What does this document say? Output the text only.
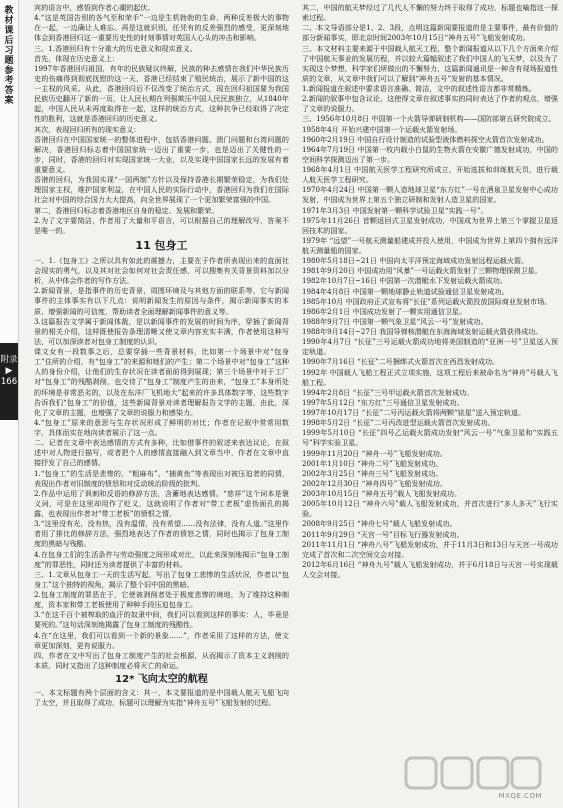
教材课后习题参考答案
附录
▶
166

宾的语言中，感悟到作者心潮的起伏。

4.“这是英国告别的各气至和荣手”一边是生机勃勃的生命，两种反差极大的事物在一起，一边确让人难忘。再是这就识别，任凭有的反差强烈的感受，更深刻地体会到香港回归这一重要历史性的时刻事情对英国人心头的冲击和影响。

三、1.香港回归有十分重大的历史意义和现实意义。

首先，体现在历史意义上：

1997年香港回归祖国，有年的民族疑议终解，民族的种去感情在我们中华民族历史的伤痛得到彻底抚慰的这一天，香港已经结束了殖民统治，展示了新中国的这一主权的风采。从此，香港回归后不仅改变了统治方式，现在回归祖国要为我国民族历史翻开了新的一页，让人民长期在列强欺压中国人民民族独立，从1840年起，中国人民从未再度取得在一起，这样的统治方式，这种抗争已经取得了决定性的胜利，这就是香港回归的历史意义。

其次，表现回归所有的现实意义：

香港回归在中国国家统一的整体进程中，包括香港问题、澳门问题和台湾问题的解决，香港回归标志着中国国家统一迈出了重要一步，也是迈出了关键性的一步，同时，香港的回归对实现国家统一大业，以及实现中国国家长远的发展有着重要意义。

香港的回归，为我国实现“一国两制”方针以及保持香港长期繁荣稳定，为我们处理国家主权，维护国家利益，在中国人民的实际行动中，香港回归为我们在国际社会对中国的综合国力大大提高，向全世界展现了一个更加繁荣富强的中国。

第二，香港回归标志着香港地区自身的稳定、发展和繁荣。

2.为了文字要简洁，作者用了大量和平语言，可以根据自己的理解改写，答案不是唯一的。

11 包身工

一、1.《包身工》之所以具有如此的震撼力，主要在于作者所表现出来的直面社会现实的勇气，以及其对社会如何对社会责任感，可以搜集有关背景资料加以分析，从中体会作者的写作方法。

2.新闻背景，是指事件的历史背景，周围环境及与其他方面的联系等，它与新闻事件的主体事实有以下几点：说明新闻发生的原因与条件，揭示新闻事实的本质、增强新闻的可信度，帮助读者全面理解新闻事件的意义等。

3.这篇报告文学属于新闻体裁，是以新闻事件的发展的时间为序，穿插了新闻背景的相关介绍，这样既使报告条理清晰又使文章内容充实丰满，作者使用这种写法，可以加深读者对包身工制度的认识。

课文女有一段数事之后，总要穿插一些背景材料，比如第一个场景中对“包身工”住所的介绍，有“包身工”的来源和她们的产生；第二个场景中对“包身工”这种人的身份介绍，让他们的生存状况在读者面前得到展现；第三个场景中对于工厂对“包身工”的残酷剥削，也交待了“包身工”制度产生的由来，“包身工”本身所处的环境是非常恶劣的，以及在东洋厂飞机地大”起来的许多具体数字等，这些数字告诉我们“包身工”的价值，这些新闻背景对读者理解报告文学的主题，由此，深化了文章的主题，也增强了文章的说服力和感染力。

4.“包身工”原来的意思与生存状况形成了鲜明的对比；作者在记叙中常常用数字，具体而实在地向读者展示了这一点。

二、记者在文章中表达感情的方式有多种，比如借事件的叙述来表达议论，在叙述中对人物进行描写，或者把个人的感情直接融入到文章当中，作者在文章中直接抒发了自己的感情。

1.“包身工”的生活是悲惨的，“粗麻布”、“捕黄鱼”等表现出对被压迫者的同情，表现出作者对旧制度的愤怒和对反动统治阶级的批判。

2.作品中运用了讽刺和反语的修辞方法，含蓄地表达感情。“慈祥”这个词本是褒义词，可是在这里却用作了贬义，这就说明了作者对“带工老板”虚伪面孔的揭露，也表现出作者对“带工老板”的愤恨之情。

3.“这里没有光，没有热，没有温情，没有希望……没有法律，没有人道。”这里作者用了排比的修辞方法，强烈地表达了作者的愤怒之情，同时也揭示了包身工制度的黑暗与残酷。

4.在包身工们的生活条件与劳动强度之间形成对比，以此来深刻地揭示“包身工制度”的罪恶性，同时还为读者提供了丰富的材料。

三、1.文章从包身工一天的生活写起，写出了包身工悲惨的生活状况，作者以“包身工”这个独特的视角，揭示了整个旧中国的黑暗。

2.包身工制度的罪恶在于，它使被剥削者处于极度悲惨的境地，为了维持这种制度，资本家和带工老板使用了种种手段压迫包身工。

3.“在这千百个被榨取的血汗的奴隶中间，我们可以看到这样的事实：人，毕竟是要死的。”这句话深刻地揭露了包身工制度的残酷性。

4.在“在这里，我们可以看到一个新的景象……”，作者采用了这样的方法，使文章更加深刻，更有说服力。

四、作者在文中写出了包身工制度产生的社会根源，从而揭示了资本主义剥削的本质，同时又指出了这种制度必将灭亡的命运。

12* 飞向太空的航程

一、本文标题有两个层面的含义：其一，本文要报道的是中国载人航天飞船飞向了太空，并且取得了成功，标题可以理解为实指“神舟五号”飞船发射的过程。

其二，中国的航天梦经过了几代人不懈的努力终于取得了成功，标题也喻指这一探索过程。

二、本文导语部分是1、2、3段，点明这篇新闻要报道的是主要事件，最有价值的部分新闻事实，即北京时间2003年10月15日“神舟五号”飞船发射成功。

三、本文材料主要来源于中国载人航天工程，整个新闻报道从以下几个方面来介绍了中国航天事业的发展历程，并以较大篇幅叙述了我们中国人的飞天梦，以及为了实现这个梦想，科学家们所做出的不懈努力，这篇新闻通讯是一种含有现场报道性质的文章，从文章中我们可以了解到“神舟五号”发射的基本情况。

1.新闻报道在叙述中要求语言准确、简洁，文中的叙述性语言都非常精炼。

2.新闻的叙事中包含议论，这使得文章在叙述事实的同时表达了作者的观点，增强了文章的说服力。

三、1956年10月8日 中国第一个火箭导弹研制机构——国防部第五研究院成立。

1958年4月 开始兴建中国第一个运载火箭发射场。

1960年2月19日 中国自行设计制造的试验型液体燃料探空火箭首次发射成功。

1964年7月19日 中国第一枚内载小白鼠的生物火箭在安徽广德发射成功，中国的空间科学探测迈出了第一步。

1968年4月1日 中国航天医学工程研究所成立，开始选拔和训练航天员，进行载人航天医学工程研究。

1970年4月24日 中国第一颗人造地球卫星“东方红”一号在酒泉卫星发射中心成功发射，中国成为世界上第五个独立研制和发射人造卫星的国家。

1971年3月3日 中国发射第一颗科学试验卫星“实践一号”。

1975年11月26日 首颗返回式卫星发射成功，中国成为世界上第三个掌握卫星返回技术的国家。

1979年 “远望”一号航天测量船建成并投入使用，中国成为世界上第四个拥有远洋航天测量船的国家。

1980年5月18日~21日 中国向太平洋预定海域成功发射远程运载火箭。

1981年9月20日 中国成功用“风暴”一号运载火箭发射了三颗物理探测卫星。

1982年10月7日~16日 中国第一次潜艇水下发射运载火箭成功。

1984年4月8日 中国第一颗地球静止轨道试验通信卫星发射成功。

1985年10月 中国政府正式宣布将“长征”系列运载火箭投放国际商业发射市场。

1986年2月1日 中国成功发射了一颗实用通信卫星。

1988年9月7日 中国第一颗气象卫星“风云一号”发射成功。

1988年9月14日~27日 我国导弹核潜艇在东海海域发射运载火箭获得成功。

1990年4月7日 “长征”三号运载火箭成功地将美国制造的“亚洲一号”卫星送入预定轨道。

1990年7月16日 “长征”二号捆绑式火箭首次在西昌发射成功。

1992年 中国载人飞船工程正式立项实施，这项工程后来被命名为“神舟”号载人飞船工程。

1994年2月8日 “长征”三号甲运载火箭首次发射成功。

1997年5月12日 “东方红”三号通信卫星发射成功。

1997年10月17日 “长征”二号丙运载火箭将两颗“铱星”送入预定轨道。

1998年5月2日 “长征”二号丙改进型运载火箭首次发射成功。

1999年5月10日 “长征”四号乙运载火箭成功发射“风云一号”气象卫星和“实践五号”科学实验卫星。

1999年11月20日 “神舟一号”飞船发射成功。

2001年1月10日 “神舟二号”飞船发射成功。

2002年3月25日 “神舟三号”飞船发射成功。

2002年12月30日 “神舟四号”飞船发射成功。

2003年10月15日 “神舟五号”载人飞船发射成功。

2005年10月12日 “神舟六号”载人飞船发射成功，并首次进行“多人多天”飞行实验。

2008年9月25日 “神舟七号”载人飞船发射成功。

2011年9月29日 “天宫一号”目标飞行器发射成功。

2011年11月1日 “神舟八号”飞船发射成功，并于11月3日和13日与天宫一号成功完成了首次和二次空间交会对接。

2012年6月16日 “神舟九号”载人飞船发射成功，并于6月18日与天宫一号实现载人交会对接。

MXQE.COM
